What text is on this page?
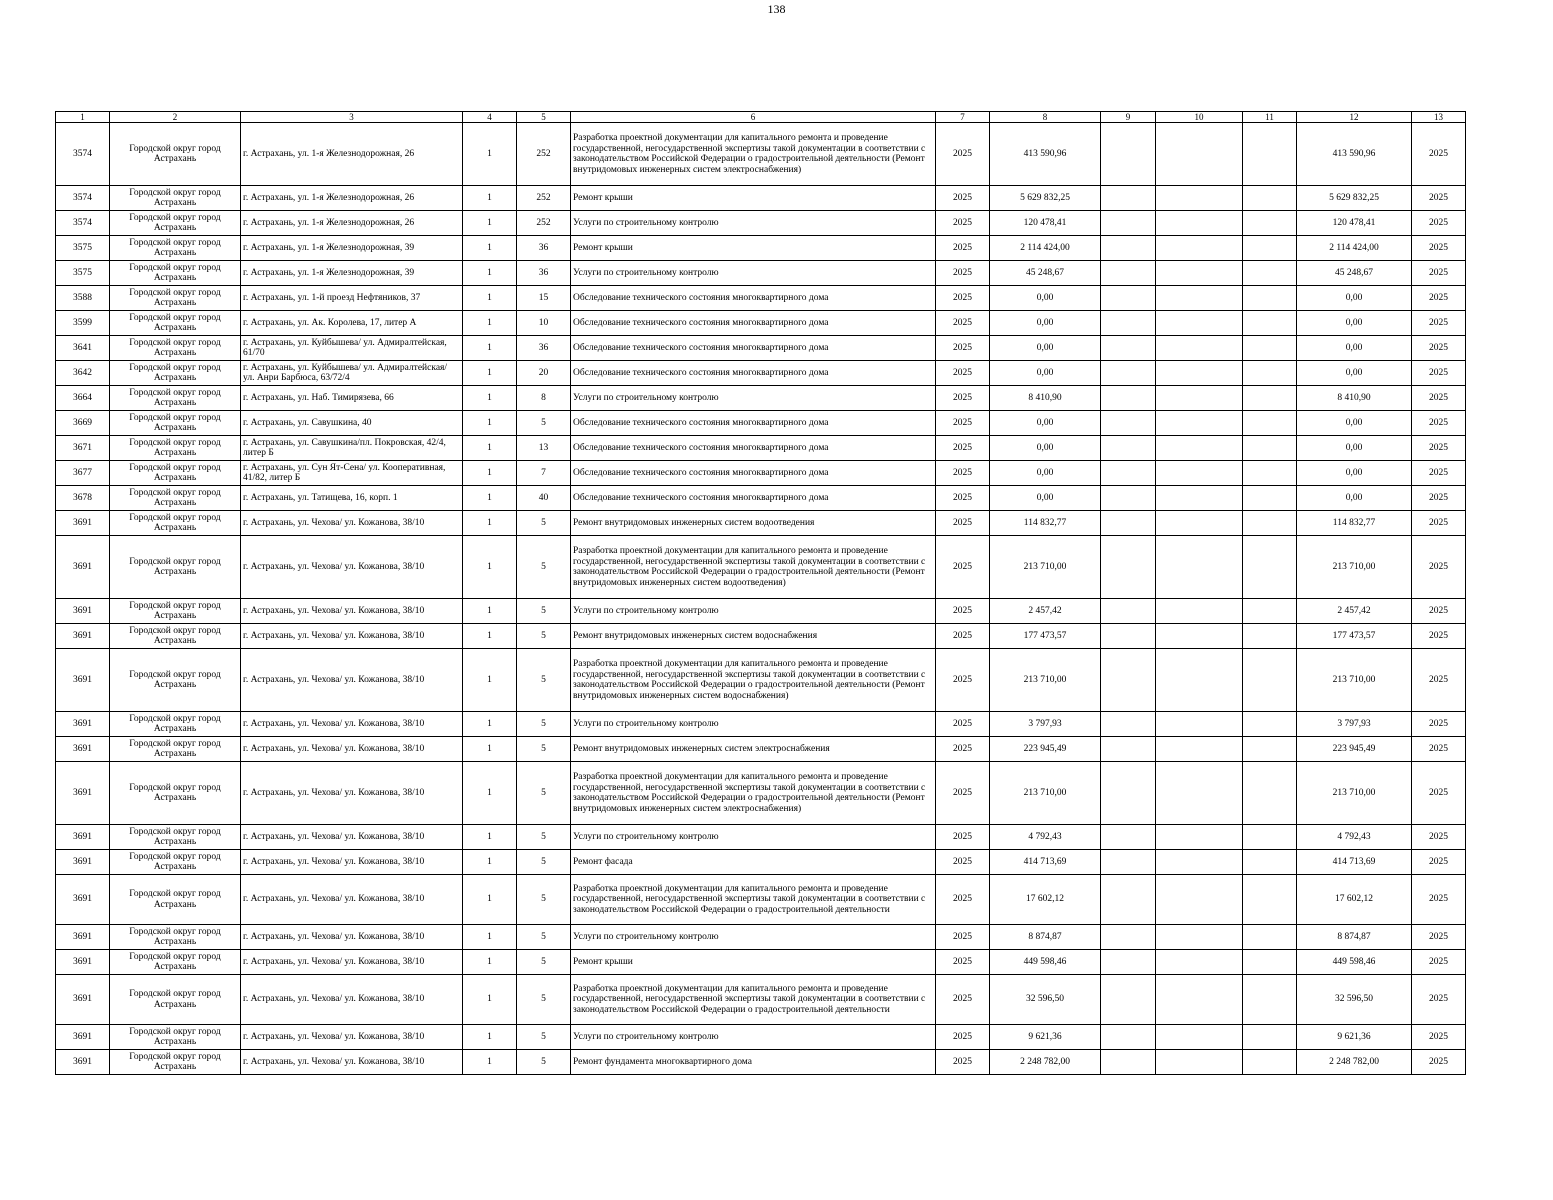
138
1	2	3	4	5	6	7	8	9	10	11	12	13
3574	Городской округ город Астрахань	г. Астрахань, ул. 1-я Железнодорожная, 26	1	252	Разработка проектной документации для капитального ремонта и проведение государственной, негосударственной экспертизы такой документации в соответствии с законодательством Российской Федерации о градостроительной деятельности (Ремонт внутридомовых инженерных систем электроснабжения)	2025	413 590,96				413 590,96	2025
3574	Городской округ город Астрахань	г. Астрахань, ул. 1-я Железнодорожная, 26	1	252	Ремонт крыши	2025	5 629 832,25				5 629 832,25	2025
3574	Городской округ город Астрахань	г. Астрахань, ул. 1-я Железнодорожная, 26	1	252	Услуги по строительному контролю	2025	120 478,41				120 478,41	2025
3575	Городской округ город Астрахань	г. Астрахань, ул. 1-я Железнодорожная, 39	1	36	Ремонт крыши	2025	2 114 424,00				2 114 424,00	2025
3575	Городской округ город Астрахань	г. Астрахань, ул. 1-я Железнодорожная, 39	1	36	Услуги по строительному контролю	2025	45 248,67				45 248,67	2025
3588	Городской округ город Астрахань	г. Астрахань, ул. 1-й проезд Нефтяников, 37	1	15	Обследование технического состояния многоквартирного дома	2025	0,00				0,00	2025
3599	Городской округ город Астрахань	г. Астрахань, ул. Ак. Королева, 17, литер А	1	10	Обследование технического состояния многоквартирного дома	2025	0,00				0,00	2025
3641	Городской округ город Астрахань	г. Астрахань, ул. Куйбышева/ ул. Адмиралтейская, 61/70	1	36	Обследование технического состояния многоквартирного дома	2025	0,00				0,00	2025
3642	Городской округ город Астрахань	г. Астрахань, ул. Куйбышева/ ул. Адмиралтейская/ ул. Анри Барбюса, 63/72/4	1	20	Обследование технического состояния многоквартирного дома	2025	0,00				0,00	2025
3664	Городской округ город Астрахань	г. Астрахань, ул. Наб. Тимирязева, 66	1	8	Услуги по строительному контролю	2025	8 410,90				8 410,90	2025
3669	Городской округ город Астрахань	г. Астрахань, ул. Савушкина, 40	1	5	Обследование технического состояния многоквартирного дома	2025	0,00				0,00	2025
3671	Городской округ город Астрахань	г. Астрахань, ул. Савушкина/пл. Покровская, 42/4, литер Б	1	13	Обследование технического состояния многоквартирного дома	2025	0,00				0,00	2025
3677	Городской округ город Астрахань	г. Астрахань, ул. Сун Ят-Сена/ ул. Кооперативная, 41/82, литер Б	1	7	Обследование технического состояния многоквартирного дома	2025	0,00				0,00	2025
3678	Городской округ город Астрахань	г. Астрахань, ул. Татищева, 16, корп. 1	1	40	Обследование технического состояния многоквартирного дома	2025	0,00				0,00	2025
3691	Городской округ город Астрахань	г. Астрахань, ул. Чехова/ ул. Кожанова, 38/10	1	5	Ремонт внутридомовых инженерных систем водоотведения	2025	114 832,77				114 832,77	2025
3691	Городской округ город Астрахань	г. Астрахань, ул. Чехова/ ул. Кожанова, 38/10	1	5	Разработка проектной документации для капитального ремонта и проведение государственной, негосударственной экспертизы такой документации в соответствии с законодательством Российской Федерации о градостроительной деятельности (Ремонт внутридомовых инженерных систем водоотведения)	2025	213 710,00				213 710,00	2025
3691	Городской округ город Астрахань	г. Астрахань, ул. Чехова/ ул. Кожанова, 38/10	1	5	Услуги по строительному контролю	2025	2 457,42				2 457,42	2025
3691	Городской округ город Астрахань	г. Астрахань, ул. Чехова/ ул. Кожанова, 38/10	1	5	Ремонт внутридомовых инженерных систем водоснабжения	2025	177 473,57				177 473,57	2025
3691	Городской округ город Астрахань	г. Астрахань, ул. Чехова/ ул. Кожанова, 38/10	1	5	Разработка проектной документации для капитального ремонта и проведение государственной, негосударственной экспертизы такой документации в соответствии с законодательством Российской Федерации о градостроительной деятельности (Ремонт внутридомовых инженерных систем водоснабжения)	2025	213 710,00				213 710,00	2025
3691	Городской округ город Астрахань	г. Астрахань, ул. Чехова/ ул. Кожанова, 38/10	1	5	Услуги по строительному контролю	2025	3 797,93				3 797,93	2025
3691	Городской округ город Астрахань	г. Астрахань, ул. Чехова/ ул. Кожанова, 38/10	1	5	Ремонт внутридомовых инженерных систем электроснабжения	2025	223 945,49				223 945,49	2025
3691	Городской округ город Астрахань	г. Астрахань, ул. Чехова/ ул. Кожанова, 38/10	1	5	Разработка проектной документации для капитального ремонта и проведение государственной, негосударственной экспертизы такой документации в соответствии с законодательством Российской Федерации о градостроительной деятельности (Ремонт внутридомовых инженерных систем электроснабжения)	2025	213 710,00				213 710,00	2025
3691	Городской округ город Астрахань	г. Астрахань, ул. Чехова/ ул. Кожанова, 38/10	1	5	Услуги по строительному контролю	2025	4 792,43				4 792,43	2025
3691	Городской округ город Астрахань	г. Астрахань, ул. Чехова/ ул. Кожанова, 38/10	1	5	Ремонт фасада	2025	414 713,69				414 713,69	2025
3691	Городской округ город Астрахань	г. Астрахань, ул. Чехова/ ул. Кожанова, 38/10	1	5	Разработка проектной документации для капитального ремонта и проведение государственной, негосударственной экспертизы такой документации в соответствии с законодательством Российской Федерации о градостроительной деятельности	2025	17 602,12				17 602,12	2025
3691	Городской округ город Астрахань	г. Астрахань, ул. Чехова/ ул. Кожанова, 38/10	1	5	Услуги по строительному контролю	2025	8 874,87				8 874,87	2025
3691	Городской округ город Астрахань	г. Астрахань, ул. Чехова/ ул. Кожанова, 38/10	1	5	Ремонт крыши	2025	449 598,46				449 598,46	2025
3691	Городской округ город Астрахань	г. Астрахань, ул. Чехова/ ул. Кожанова, 38/10	1	5	Разработка проектной документации для капитального ремонта и проведение государственной, негосударственной экспертизы такой документации в соответствии с законодательством Российской Федерации о градостроительной деятельности	2025	32 596,50				32 596,50	2025
3691	Городской округ город Астрахань	г. Астрахань, ул. Чехова/ ул. Кожанова, 38/10	1	5	Услуги по строительному контролю	2025	9 621,36				9 621,36	2025
3691	Городской округ город Астрахань	г. Астрахань, ул. Чехова/ ул. Кожанова, 38/10	1	5	Ремонт фундамента многоквартирного дома	2025	2 248 782,00				2 248 782,00	2025
